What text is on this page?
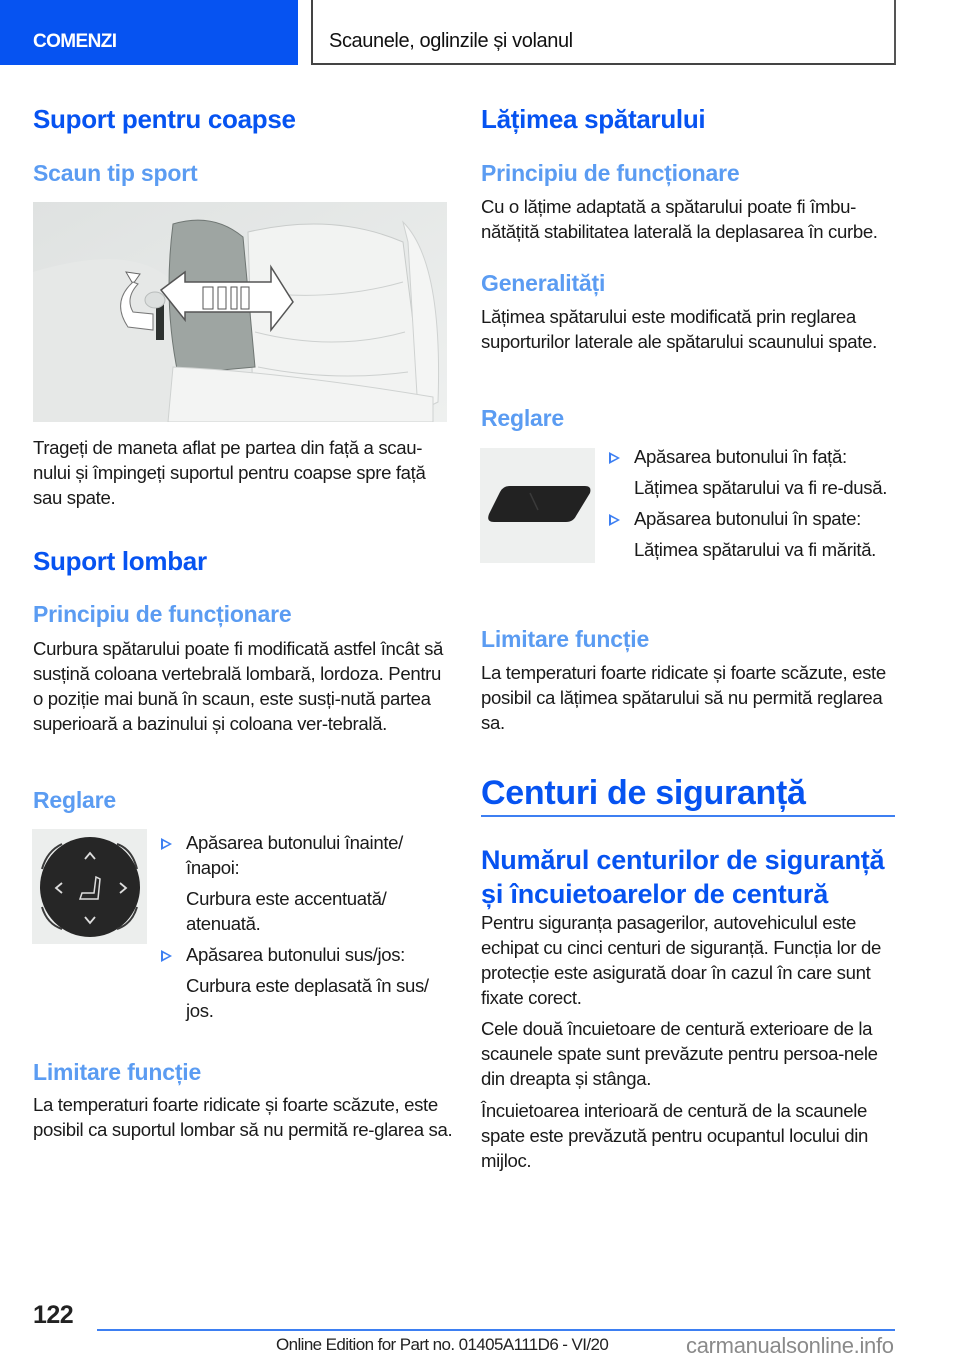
COMENZI	Scaunele, oglinzile și volanul
Suport pentru coapse
Scaun tip sport
Trageți de maneta aflat pe partea din față a scau-nului și împingeți suportul pentru coapse spre față sau spate.
Suport lombar
Principiu de funcționare
Curbura spătarului poate fi modificată astfel încât să susțină coloana vertebrală lombară, lordoza. Pentru o poziție mai bună în scaun, este susți-nută partea superioară a bazinului și coloana ver-tebrală.
Reglare
Apăsarea butonului înainte/ înapoi:
Curbura este accentuată/ atenuată.
Apăsarea butonului sus/jos:
Curbura este deplasată în sus/ jos.
Limitare funcție
La temperaturi foarte ridicate și foarte scăzute, este posibil ca suportul lombar să nu permită re-glarea sa.
Lățimea spătarului
Principiu de funcționare
Cu o lățime adaptată a spătarului poate fi îmbu-nătățită stabilitatea laterală la deplasarea în curbe.
Generalități
Lățimea spătarului este modificată prin reglarea suporturilor laterale ale spătarului scaunului spate.
Reglare
Apăsarea butonului în față:
Lățimea spătarului va fi re-dusă.
Apăsarea butonului în spate:
Lățimea spătarului va fi mărită.
Limitare funcție
La temperaturi foarte ridicate și foarte scăzute, este posibil ca lățimea spătarului să nu permită reglarea sa.
Centuri de siguranță
Numărul centurilor de siguranță și încuietoarelor de centură
Pentru siguranța pasagerilor, autovehiculul este echipat cu cinci centuri de siguranță. Funcția lor de protecție este asigurată doar în cazul în care sunt fixate corect.
Cele două încuietoare de centură exterioare de la scaunele spate sunt prevăzute pentru persoa-nele din dreapta și stânga.
Încuietoarea interioară de centură de la scaunele spate este prevăzută pentru ocupantul locului din mijloc.
122
Online Edition for Part no. 01405A111D6 - VI/20	carmanualsonline.info
